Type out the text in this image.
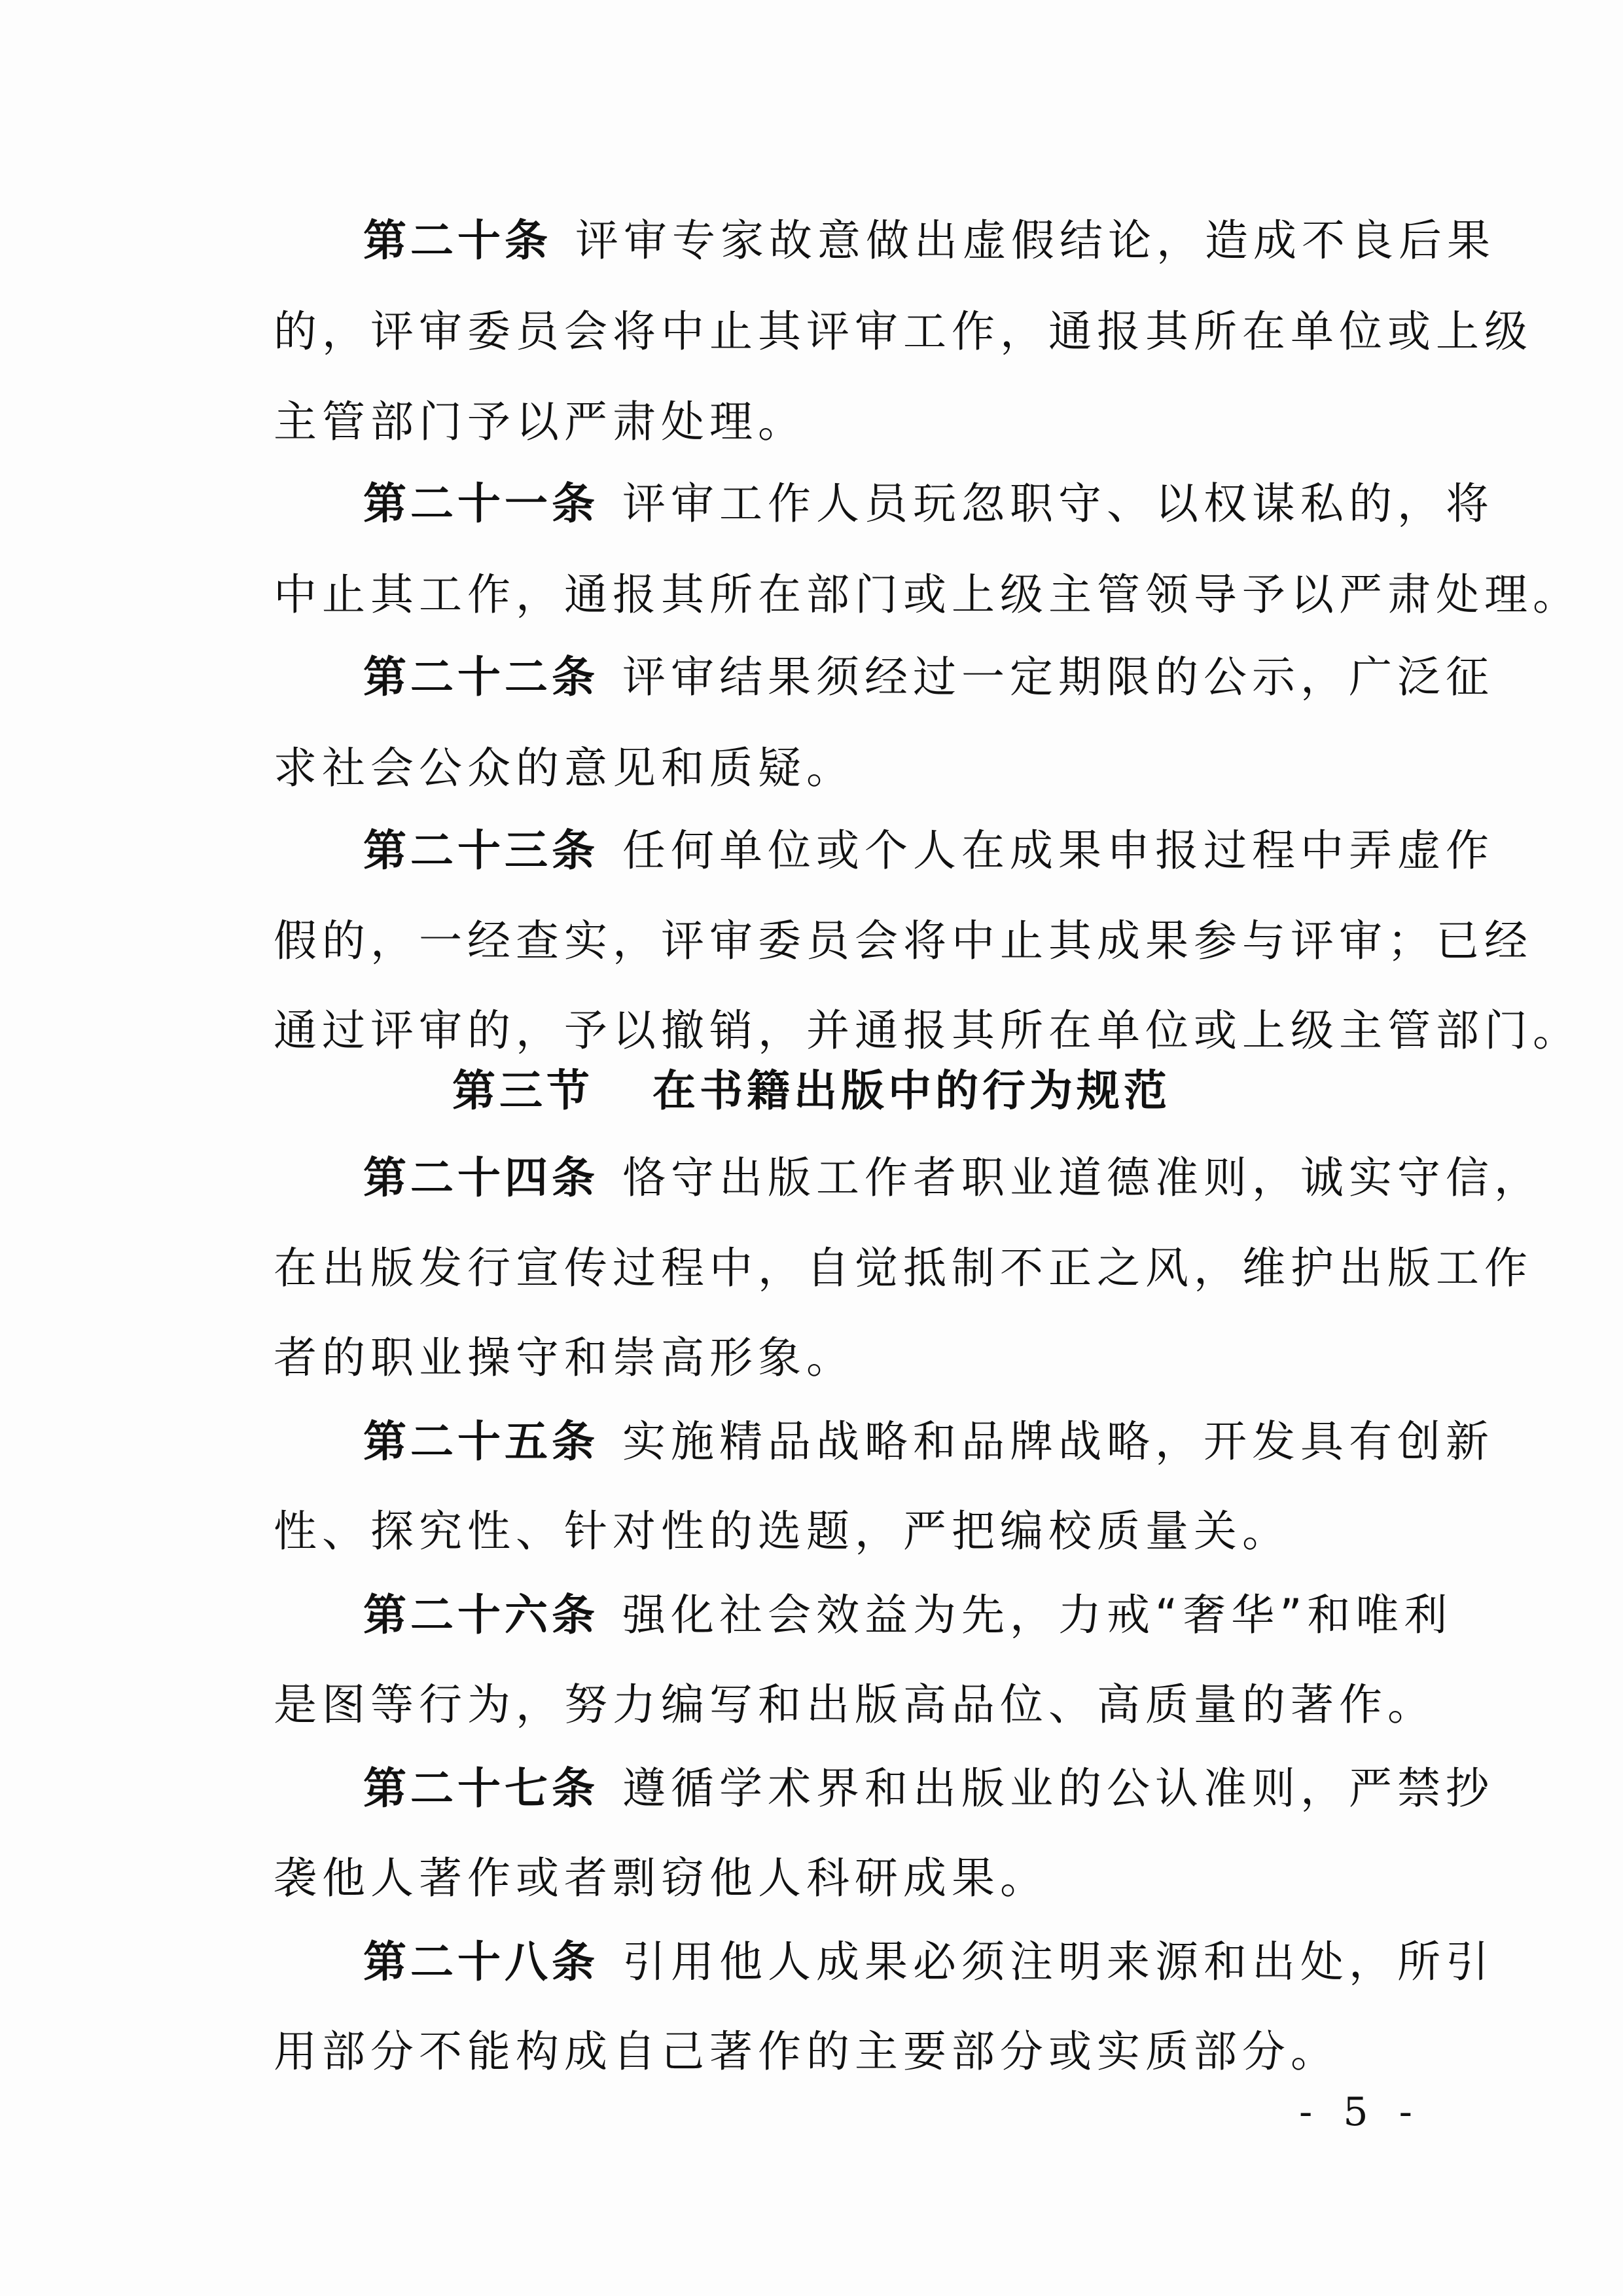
第二十条 评审专家故意做出虚假结论，造成不良后果
的，评审委员会将中止其评审工作，通报其所在单位或上级
主管部门予以严肃处理。
第二十一条 评审工作人员玩忽职守、以权谋私的，将
中止其工作，通报其所在部门或上级主管领导予以严肃处理。
第二十二条 评审结果须经过一定期限的公示，广泛征
求社会公众的意见和质疑。
第二十三条 任何单位或个人在成果申报过程中弄虚作
假的，一经查实，评审委员会将中止其成果参与评审；已经
通过评审的，予以撤销，并通报其所在单位或上级主管部门。
第三节 在书籍出版中的行为规范
第二十四条 恪守出版工作者职业道德准则，诚实守信，
在出版发行宣传过程中，自觉抵制不正之风，维护出版工作
者的职业操守和崇高形象。
第二十五条 实施精品战略和品牌战略，开发具有创新
性、探究性、针对性的选题，严把编校质量关。
第二十六条 强化社会效益为先，力戒“奢华”和唯利
是图等行为，努力编写和出版高品位、高质量的著作。
第二十七条 遵循学术界和出版业的公认准则，严禁抄
袭他人著作或者剽窃他人科研成果。
第二十八条 引用他人成果必须注明来源和出处，所引
用部分不能构成自己著作的主要部分或实质部分。
- 5 -
